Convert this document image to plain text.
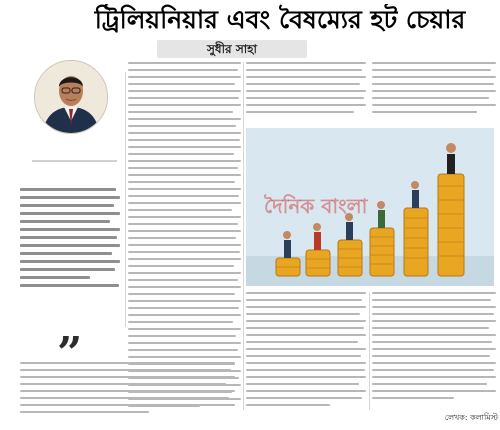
ট্রিলিয়নিয়ার এবং বৈষম্যের হট চেয়ার
সুধীর সাহা
”
দৈনিক বাংলা
লেখক: কলামিস্ট
